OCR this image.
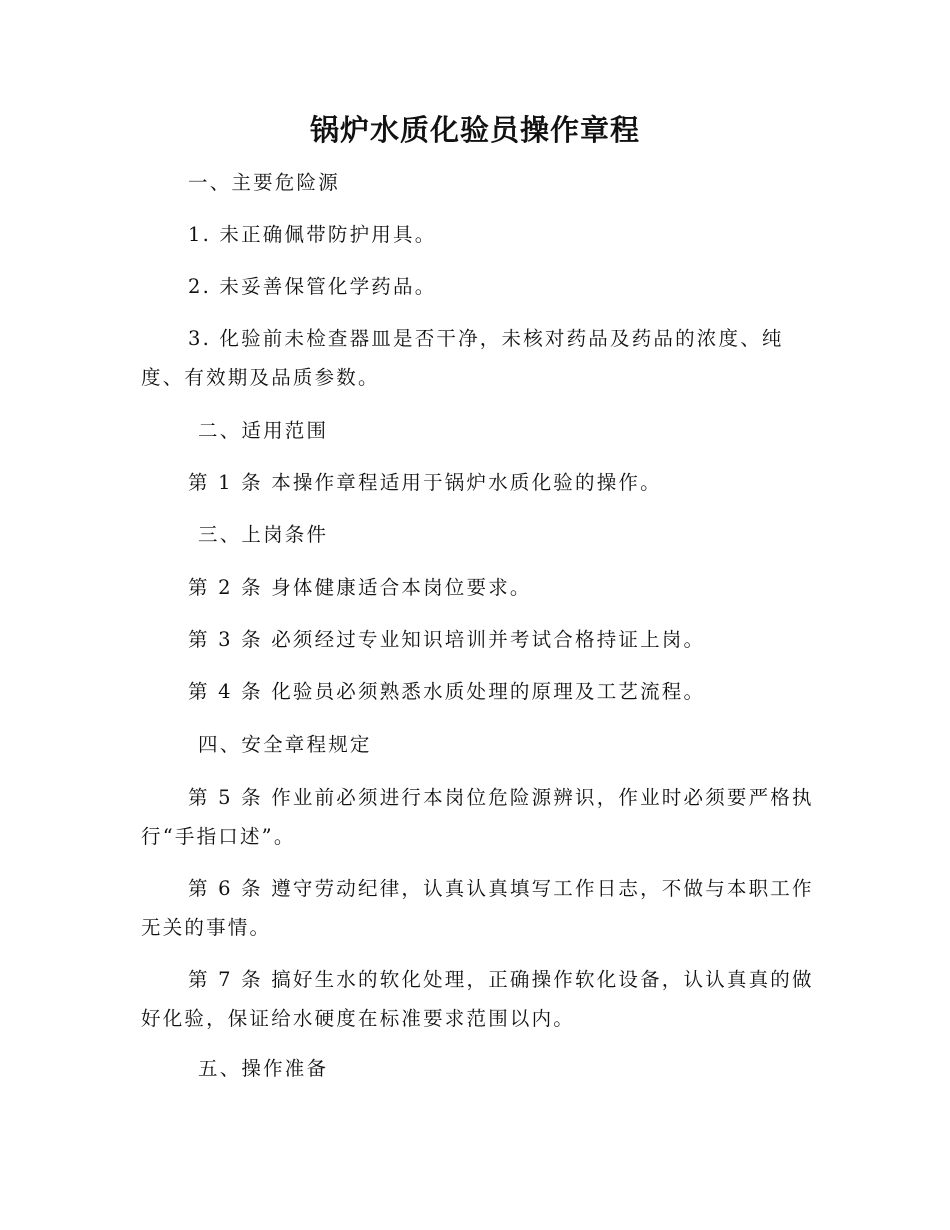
锅炉水质化验员操作章程
一、主要危险源
1. 未正确佩带防护用具。
2. 未妥善保管化学药品。
3. 化验前未检查器皿是否干净，未核对药品及药品的浓度、纯
度、有效期及品质参数。
二、适用范围
第 1 条 本操作章程适用于锅炉水质化验的操作。
三、上岗条件
第 2 条 身体健康适合本岗位要求。
第 3 条 必须经过专业知识培训并考试合格持证上岗。
第 4 条 化验员必须熟悉水质处理的原理及工艺流程。
四、安全章程规定
第 5 条 作业前必须进行本岗位危险源辨识，作业时必须要严格执
行“手指口述”。
第 6 条 遵守劳动纪律，认真认真填写工作日志，不做与本职工作
无关的事情。
第 7 条 搞好生水的软化处理，正确操作软化设备，认认真真的做
好化验，保证给水硬度在标准要求范围以内。
五、操作准备
